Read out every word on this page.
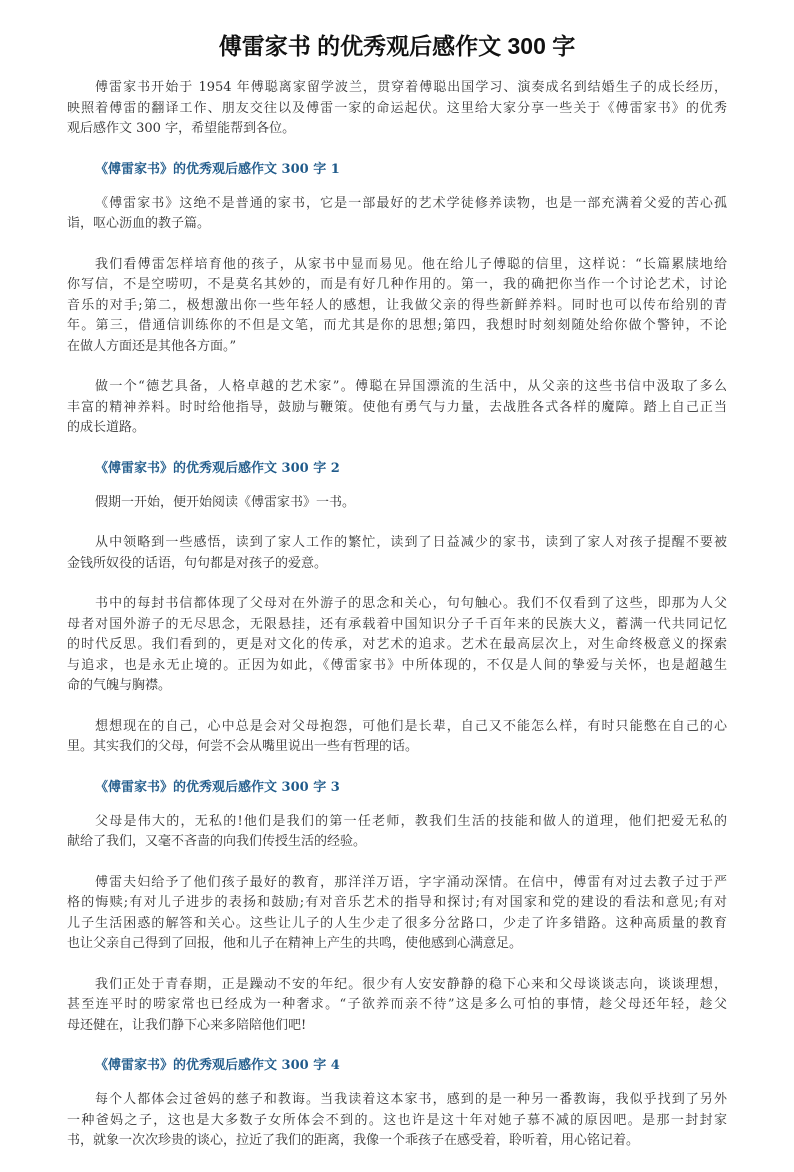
傅雷家书 的优秀观后感作文 300 字
傅雷家书开始于 1954 年傅聪离家留学波兰，贯穿着傅聪出国学习、演奏成名到结婚生子的成长经历，
映照着傅雷的翻译工作、朋友交往以及傅雷一家的命运起伏。这里给大家分享一些关于《傅雷家书》的优秀
观后感作文 300 字，希望能帮到各位。
《傅雷家书》的优秀观后感作文 300 字 1
《傅雷家书》这绝不是普通的家书，它是一部最好的艺术学徒修养读物，也是一部充满着父爱的苦心孤
诣，呕心沥血的教子篇。
我们看傅雷怎样培育他的孩子，从家书中显而易见。他在给儿子傅聪的信里，这样说：“长篇累牍地给
你写信，不是空唠叨，不是莫名其妙的，而是有好几种作用的。第一，我的确把你当作一个讨论艺术，讨论
音乐的对手;第二，极想激出你一些年轻人的感想，让我做父亲的得些新鲜养料。同时也可以传布给别的青
年。第三，借通信训练你的不但是文笔，而尤其是你的思想;第四，我想时时刻刻随处给你做个警钟，不论
在做人方面还是其他各方面。”
做一个“德艺具备，人格卓越的艺术家”。傅聪在异国漂流的生活中，从父亲的这些书信中汲取了多么
丰富的精神养料。时时给他指导，鼓励与鞭策。使他有勇气与力量，去战胜各式各样的魔障。踏上自己正当
的成长道路。
《傅雷家书》的优秀观后感作文 300 字 2
假期一开始，便开始阅读《傅雷家书》一书。
从中领略到一些感悟，读到了家人工作的繁忙，读到了日益减少的家书，读到了家人对孩子提醒不要被
金钱所奴役的话语，句句都是对孩子的爱意。
书中的每封书信都体现了父母对在外游子的思念和关心，句句触心。我们不仅看到了这些，即那为人父
母者对国外游子的无尽思念，无限悬挂，还有承载着中国知识分子千百年来的民族大义，蓄满一代共同记忆
的时代反思。我们看到的，更是对文化的传承，对艺术的追求。艺术在最高层次上，对生命终极意义的探索
与追求，也是永无止境的。正因为如此，《傅雷家书》中所体现的，不仅是人间的挚爱与关怀，也是超越生
命的气魄与胸襟。
想想现在的自己，心中总是会对父母抱怨，可他们是长辈，自己又不能怎么样，有时只能憋在自己的心
里。其实我们的父母，何尝不会从嘴里说出一些有哲理的话。
《傅雷家书》的优秀观后感作文 300 字 3
父母是伟大的，无私的!他们是我们的第一任老师，教我们生活的技能和做人的道理，他们把爱无私的
献给了我们，又毫不吝啬的向我们传授生活的经验。
傅雷夫妇给予了他们孩子最好的教育，那洋洋万语，字字涌动深情。在信中，傅雷有对过去教子过于严
格的悔赎;有对儿子进步的表扬和鼓励;有对音乐艺术的指导和探讨;有对国家和党的建设的看法和意见;有对
儿子生活困惑的解答和关心。这些让儿子的人生少走了很多分岔路口，少走了许多错路。这种高质量的教育
也让父亲自己得到了回报，他和儿子在精神上产生的共鸣，使他感到心满意足。
我们正处于青春期，正是躁动不安的年纪。很少有人安安静静的稳下心来和父母谈谈志向，谈谈理想，
甚至连平时的唠家常也已经成为一种奢求。“子欲养而亲不待”这是多么可怕的事情，趁父母还年轻，趁父
母还健在，让我们静下心来多陪陪他们吧!
《傅雷家书》的优秀观后感作文 300 字 4
每个人都体会过爸妈的慈子和教诲。当我读着这本家书，感到的是一种另一番教诲，我似乎找到了另外
一种爸妈之子，这也是大多数子女所体会不到的。这也许是这十年对她子慕不减的原因吧。是那一封封家
书，就象一次次珍贵的谈心，拉近了我们的距离，我像一个乖孩子在感受着，聆听着，用心铭记着。
